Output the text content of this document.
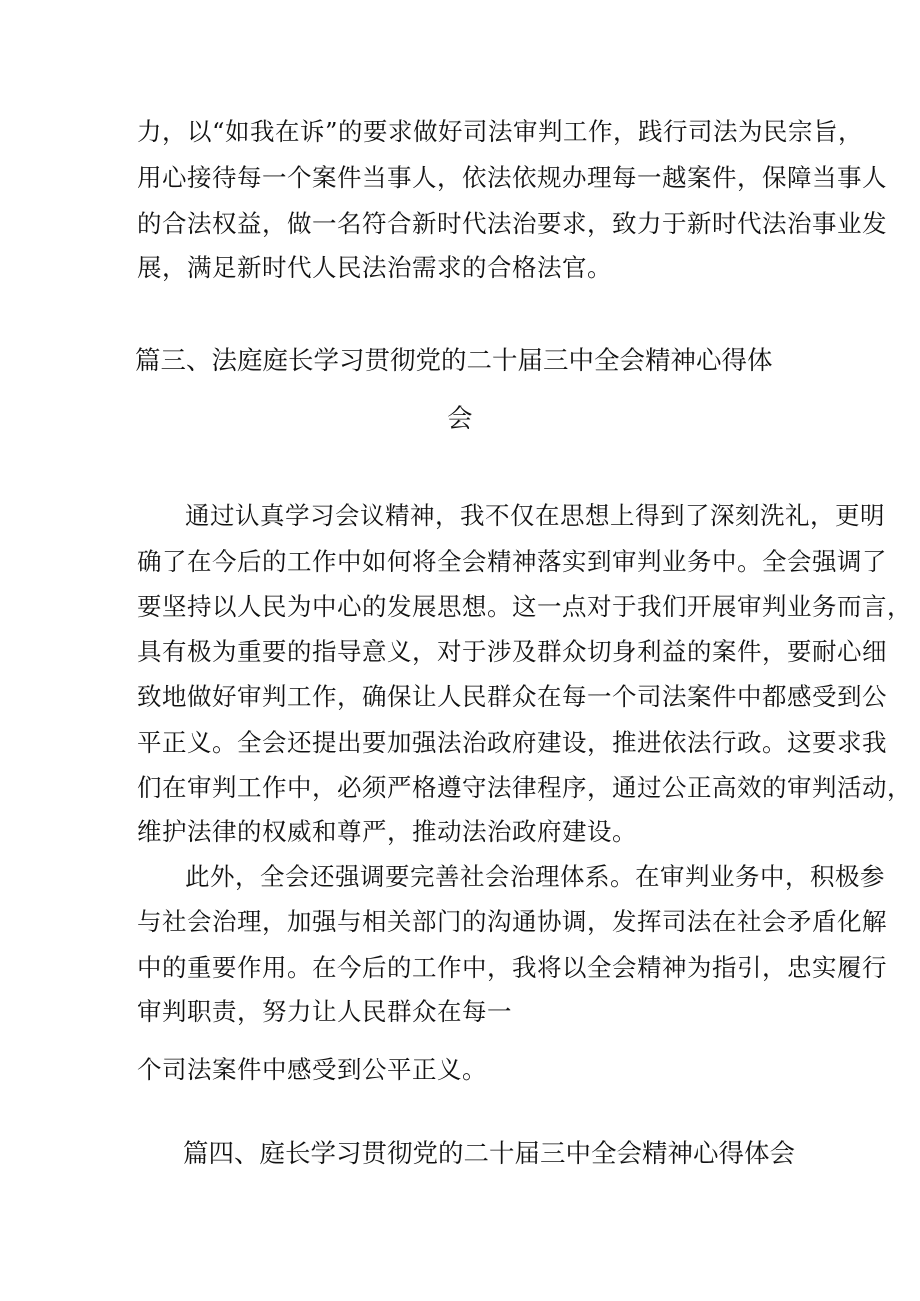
力，以“如我在诉”的要求做好司法审判工作，践行司法为民宗旨，
用心接待每一个案件当事人，依法依规办理每一越案件，保障当事人
的合法权益，做一名符合新时代法治要求，致力于新时代法治事业发
展，满足新时代人民法治需求的合格法官。
篇三、法庭庭长学习贯彻党的二十届三中全会精神心得体
会
通过认真学习会议精神，我不仅在思想上得到了深刻洗礼，更明
确了在今后的工作中如何将全会精神落实到审判业务中。全会强调了
要坚持以人民为中心的发展思想。这一点对于我们开展审判业务而言，
具有极为重要的指导意义，对于涉及群众切身利益的案件，要耐心细
致地做好审判工作，确保让人民群众在每一个司法案件中都感受到公
平正义。全会还提出要加强法治政府建设，推进依法行政。这要求我
们在审判工作中，必须严格遵守法律程序，通过公正高效的审判活动，
维护法律的权威和尊严，推动法治政府建设。
此外，全会还强调要完善社会治理体系。在审判业务中，积极参
与社会治理，加强与相关部门的沟通协调，发挥司法在社会矛盾化解
中的重要作用。在今后的工作中，我将以全会精神为指引，忠实履行
审判职责，努力让人民群众在每一
个司法案件中感受到公平正义。
篇四、庭长学习贯彻党的二十届三中全会精神心得体会
